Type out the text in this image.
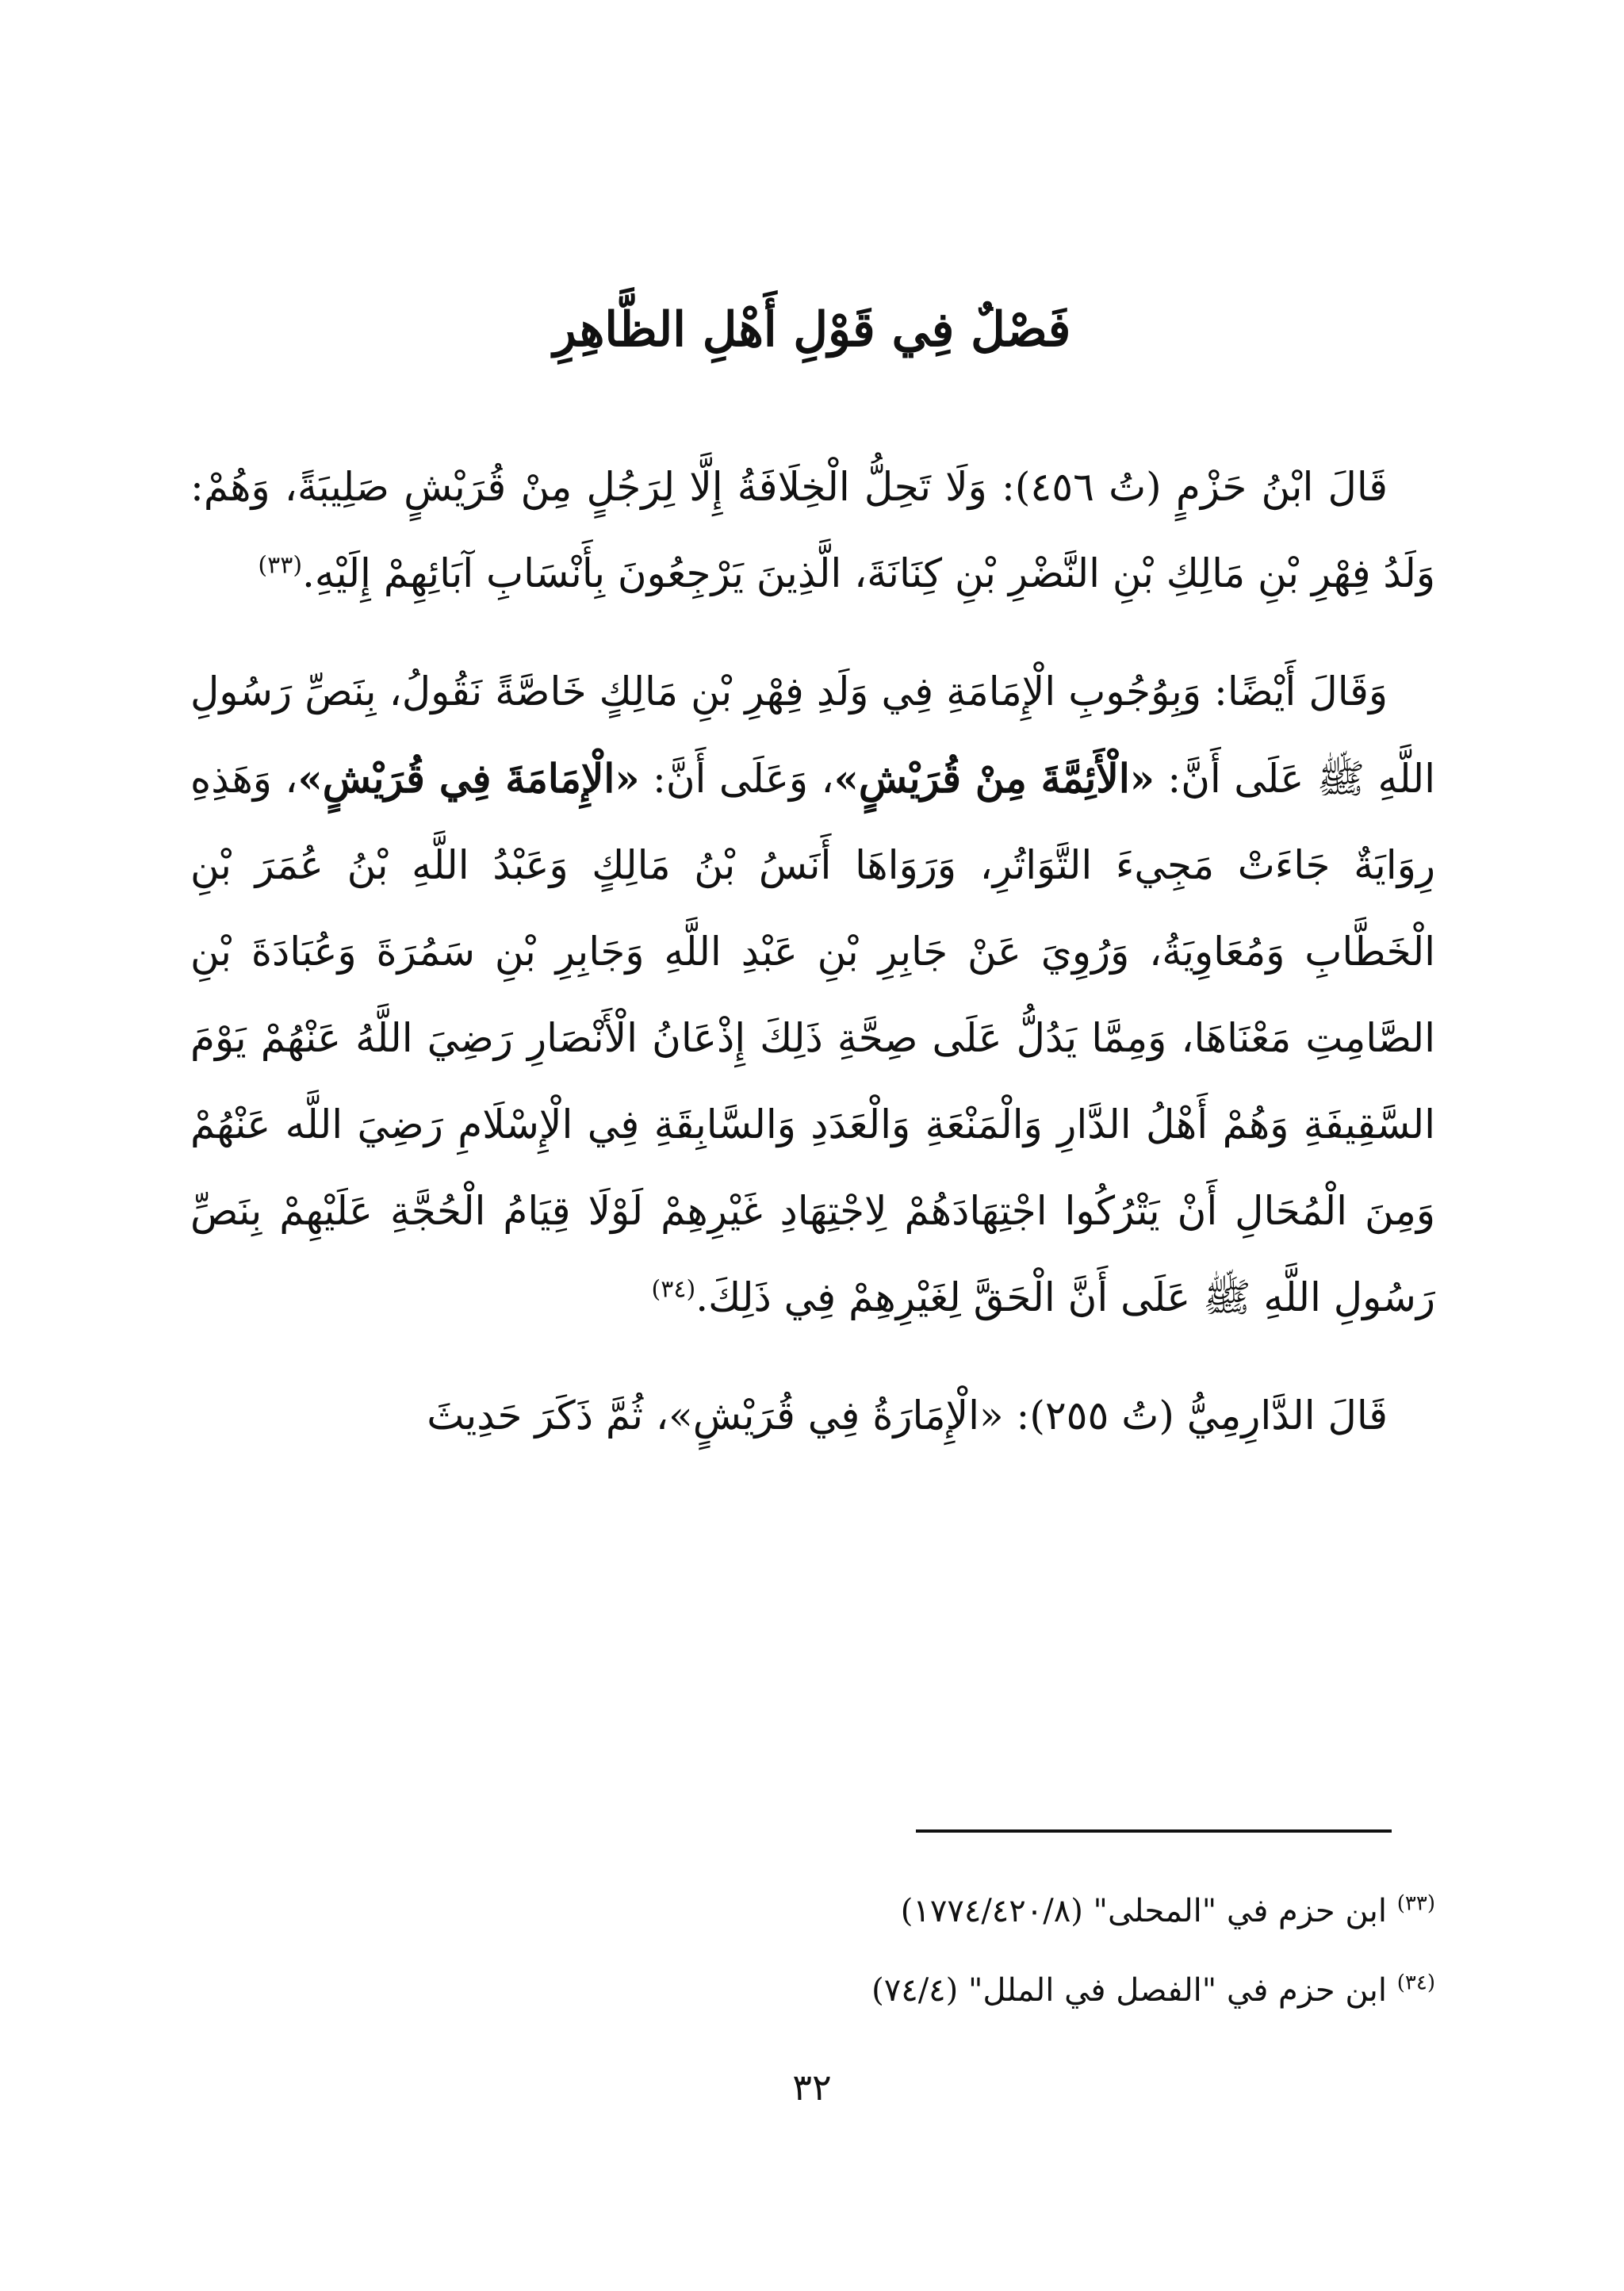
فَصْلٌ فِي قَوْلِ أَهْلِ الظَّاهِرِ

قَالَ ابْنُ حَزْمٍ (تُ ٤٥٦): وَلَا تَحِلُّ الْخِلَافَةُ إِلَّا لِرَجُلٍ مِنْ قُرَيْشٍ صَلِيبَةً، وَهُمْ: وَلَدُ فِهْرِ بْنِ مَالِكِ بْنِ النَّضْرِ بْنِ كِنَانَةَ، الَّذِينَ يَرْجِعُونَ بِأَنْسَابِ آبَائِهِمْ إِلَيْهِ.$^{(٣٣)}$

وَقَالَ أَيْضًا: وَبِوُجُوبِ الْإِمَامَةِ فِي وَلَدِ فِهْرِ بْنِ مَالِكٍ خَاصَّةً نَقُولُ، بِنَصِّ رَسُولِ اللَّهِ ﷺ عَلَى أَنَّ: «الْأَئِمَّةَ مِنْ قُرَيْشٍ»، وَعَلَى أَنَّ: «الْإِمَامَةَ فِي قُرَيْشٍ»، وَهَذِهِ رِوَايَةٌ جَاءَتْ مَجِيءَ التَّوَاتُرِ، وَرَوَاهَا أَنَسُ بْنُ مَالِكٍ وَعَبْدُ اللَّهِ بْنُ عُمَرَ بْنِ الْخَطَّابِ وَمُعَاوِيَةُ، وَرُوِيَ عَنْ جَابِرِ بْنِ عَبْدِ اللَّهِ وَجَابِرِ بْنِ سَمُرَةَ وَعُبَادَةَ بْنِ الصَّامِتِ مَعْنَاهَا، وَمِمَّا يَدُلُّ عَلَى صِحَّةِ ذَلِكَ إِذْعَانُ الْأَنْصَارِ رَضِيَ اللَّهُ عَنْهُمْ يَوْمَ السَّقِيفَةِ وَهُمْ أَهْلُ الدَّارِ وَالْمَنْعَةِ وَالْعَدَدِ وَالسَّابِقَةِ فِي الْإِسْلَامِ رَضِيَ اللَّه عَنْهُمْ وَمِنَ الْمُحَالِ أَنْ يَتْرُكُوا اجْتِهَادَهُمْ لِاجْتِهَادِ غَيْرِهِمْ لَوْلَا قِيَامُ الْحُجَّةِ عَلَيْهِمْ بِنَصِّ رَسُولِ اللَّهِ ﷺ عَلَى أَنَّ الْحَقَّ لِغَيْرِهِمْ فِي ذَلِكَ.$^{(٣٤)}$

قَالَ الدَّارِمِيُّ (تُ ٢٥٥): «الْإِمَارَةُ فِي قُرَيْشٍ»، ثُمَّ ذَكَرَ حَدِيثَ

$^{(٣٣)}$ ابن حزم في "المحلى" (١٧٧٤/٤٢٠/٨)

$^{(٣٤)}$ ابن حزم في "الفصل في الملل" (٧٤/٤)

٣٢
